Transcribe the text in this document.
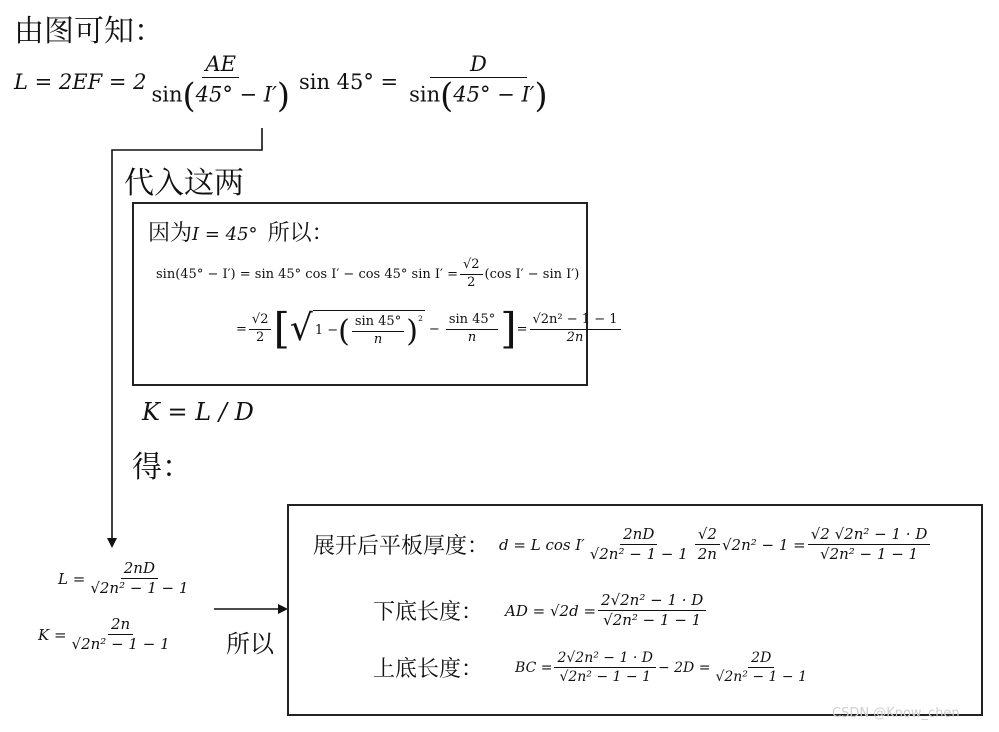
由图可知：
$L = 2EF = 2 \frac{AE}{\sin(45^\circ - I')}$ $\sin 45^\circ = \frac{D}{\sin(45^\circ - I')}$
代入这两
因为 I = 45° 所以：
sin(45° − I′) = sin 45° cos I′ − cos 45° $\sin I' = \frac{√2}{2} (\cos$ I′ − sin I′)
= $\frac{√2}{2}$ [ √ 1 − ( $\frac{\sin 45^\circ}{n} )^2$
− $\frac{\sin 45^\circ}{n}$ ] = $\frac{\text{√2n² − 1 − 1}}{2n}$
K = L / D
得：
$L = \frac{2nD}{\text{√2n² − 1 − 1}}$
$K = \frac{2n}{\text{√2n² − 1 − 1}}$ 所以
展开后平板厚度： d = L $\cos I' \frac{2nD}{\text{√2n² − 1 − 1}} \frac{√2}{2n} √2n^2 - 1 = \frac{\text{√2 √2n² − 1 · D}}{\text{√2n² − 1 − 1}}$
下底长度： AD = $√2d = \frac{\text{2√2n² − 1 · D}}{\text{√2n² − 1 − 1}}$
上底长度： BC = $\frac{\text{2√2n² − 1 · D}}{\text{√2n² − 1 − 1}} - 2D = \frac{2D}{\text{√2n² − 1 − 1}}$
CSDN @Know_chen
